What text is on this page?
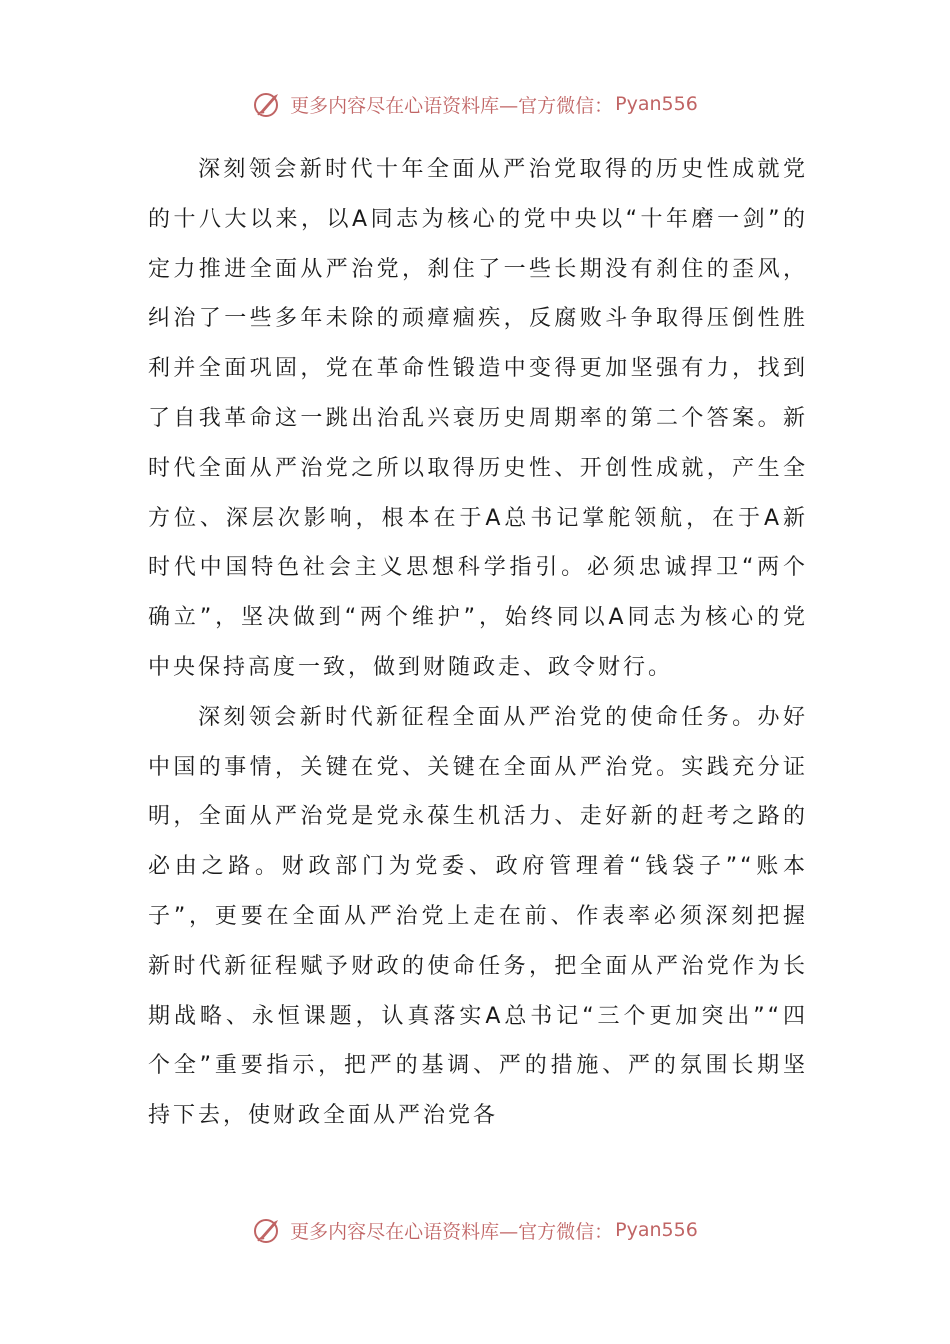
更多内容尽在心语资料库—官方微信： Pyan556

深刻领会新时代十年全面从严治党取得的历史性成就党的十八大以来，以A同志为核心的党中央以“十年磨一剑”的定力推进全面从严治党，刹住了一些长期没有刹住的歪风，纠治了一些多年未除的顽瘴痼疾，反腐败斗争取得压倒性胜利并全面巩固，党在革命性锻造中变得更加坚强有力，找到了自我革命这一跳出治乱兴衰历史周期率的第二个答案。新时代全面从严治党之所以取得历史性、开创性成就，产生全方位、深层次影响，根本在于A总书记掌舵领航，在于A新时代中国特色社会主义思想科学指引。必须忠诚捍卫“两个确立”，坚决做到“两个维护”，始终同以A同志为核心的党中央保持高度一致，做到财随政走、政令财行。

深刻领会新时代新征程全面从严治党的使命任务。办好中国的事情，关键在党、关键在全面从严治党。实践充分证明，全面从严治党是党永葆生机活力、走好新的赶考之路的必由之路。财政部门为党委、政府管理着“钱袋子”“账本子”，更要在全面从严治党上走在前、作表率必须深刻把握新时代新征程赋予财政的使命任务，把全面从严治党作为长期战略、永恒课题，认真落实A总书记“三个更加突出”“四个全”重要指示，把严的基调、严的措施、严的氛围长期坚持下去，使财政全面从严治党各

更多内容尽在心语资料库—官方微信： Pyan556
